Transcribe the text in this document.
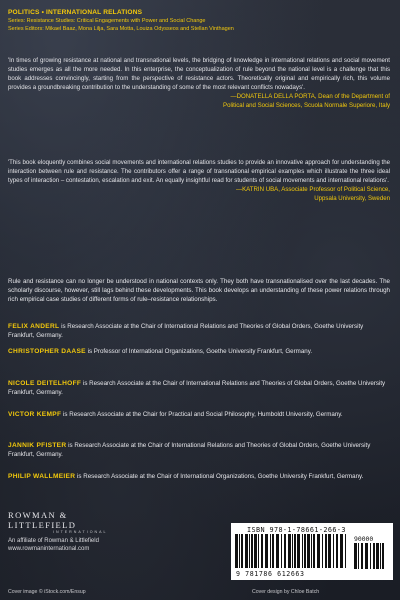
POLITICS • INTERNATIONAL RELATIONS
Series: Resistance Studies: Critical Engagements with Power and Social Change
Series Editors: Mikael Baaz, Mona Lilja, Sara Motta, Louiza Odysseos and Stellan Vinthagen

'In times of growing resistance at national and transnational levels, the bridging of knowledge in international relations and social movement studies emerges as all the more needed. In this enterprise, the conceptualization of rule beyond the national level is a challenge that this book addresses convincingly, starting from the perspective of resistance actors. Theoretically original and empirically rich, this volume provides a groundbreaking contribution to the understanding of some of the most relevant conflicts nowadays'.

—DONATELLA DELLA PORTA, Dean of the Department of
Political and Social Sciences, Scuola Normale Superiore, Italy

'This book eloquently combines social movements and international relations studies to provide an innovative approach for understanding the interaction between rule and resistance. The contributors offer a range of transnational empirical examples which illustrate the three ideal types of interaction – contestation, escalation and exit. An equally insightful read for students of social movements and international relations'.

—KATRIN UBA, Associate Professor of Political Science,
Uppsala University, Sweden

Rule and resistance can no longer be understood in national contexts only. They both have transnationalised over the last decades. The scholarly discourse, however, still lags behind these developments. This book develops an understanding of these power relations through rich empirical case studies of different forms of rule–resistance relationships.

FELIX ANDERL is Research Associate at the Chair of International Relations and Theories of Global Orders, Goethe University Frankfurt, Germany.

CHRISTOPHER DAASE is Professor of International Organizations, Goethe University Frankfurt, Germany.

NICOLE DEITELHOFF is Research Associate at the Chair of International Relations and Theories of Global Orders, Goethe University Frankfurt, Germany.

VICTOR KEMPF is Research Associate at the Chair for Practical and Social Philosophy, Humboldt University, Germany.

JANNIK PFISTER is Research Associate at the Chair of International Relations and Theories of Global Orders, Goethe University Frankfurt, Germany.

PHILIP WALLMEIER is Research Associate at the Chair of International Organizations, Goethe University Frankfurt, Germany.

ROWMAN &
LITTLEFIELD
INTERNATIONAL
An affiliate of Rowman & Littlefield
www.rowmaninternational.com
ISBN 978-1-78661-266-3
90000
9 781786 612663
Cover image © iStock.com/Ensup	Cover design by Chloe Batch
